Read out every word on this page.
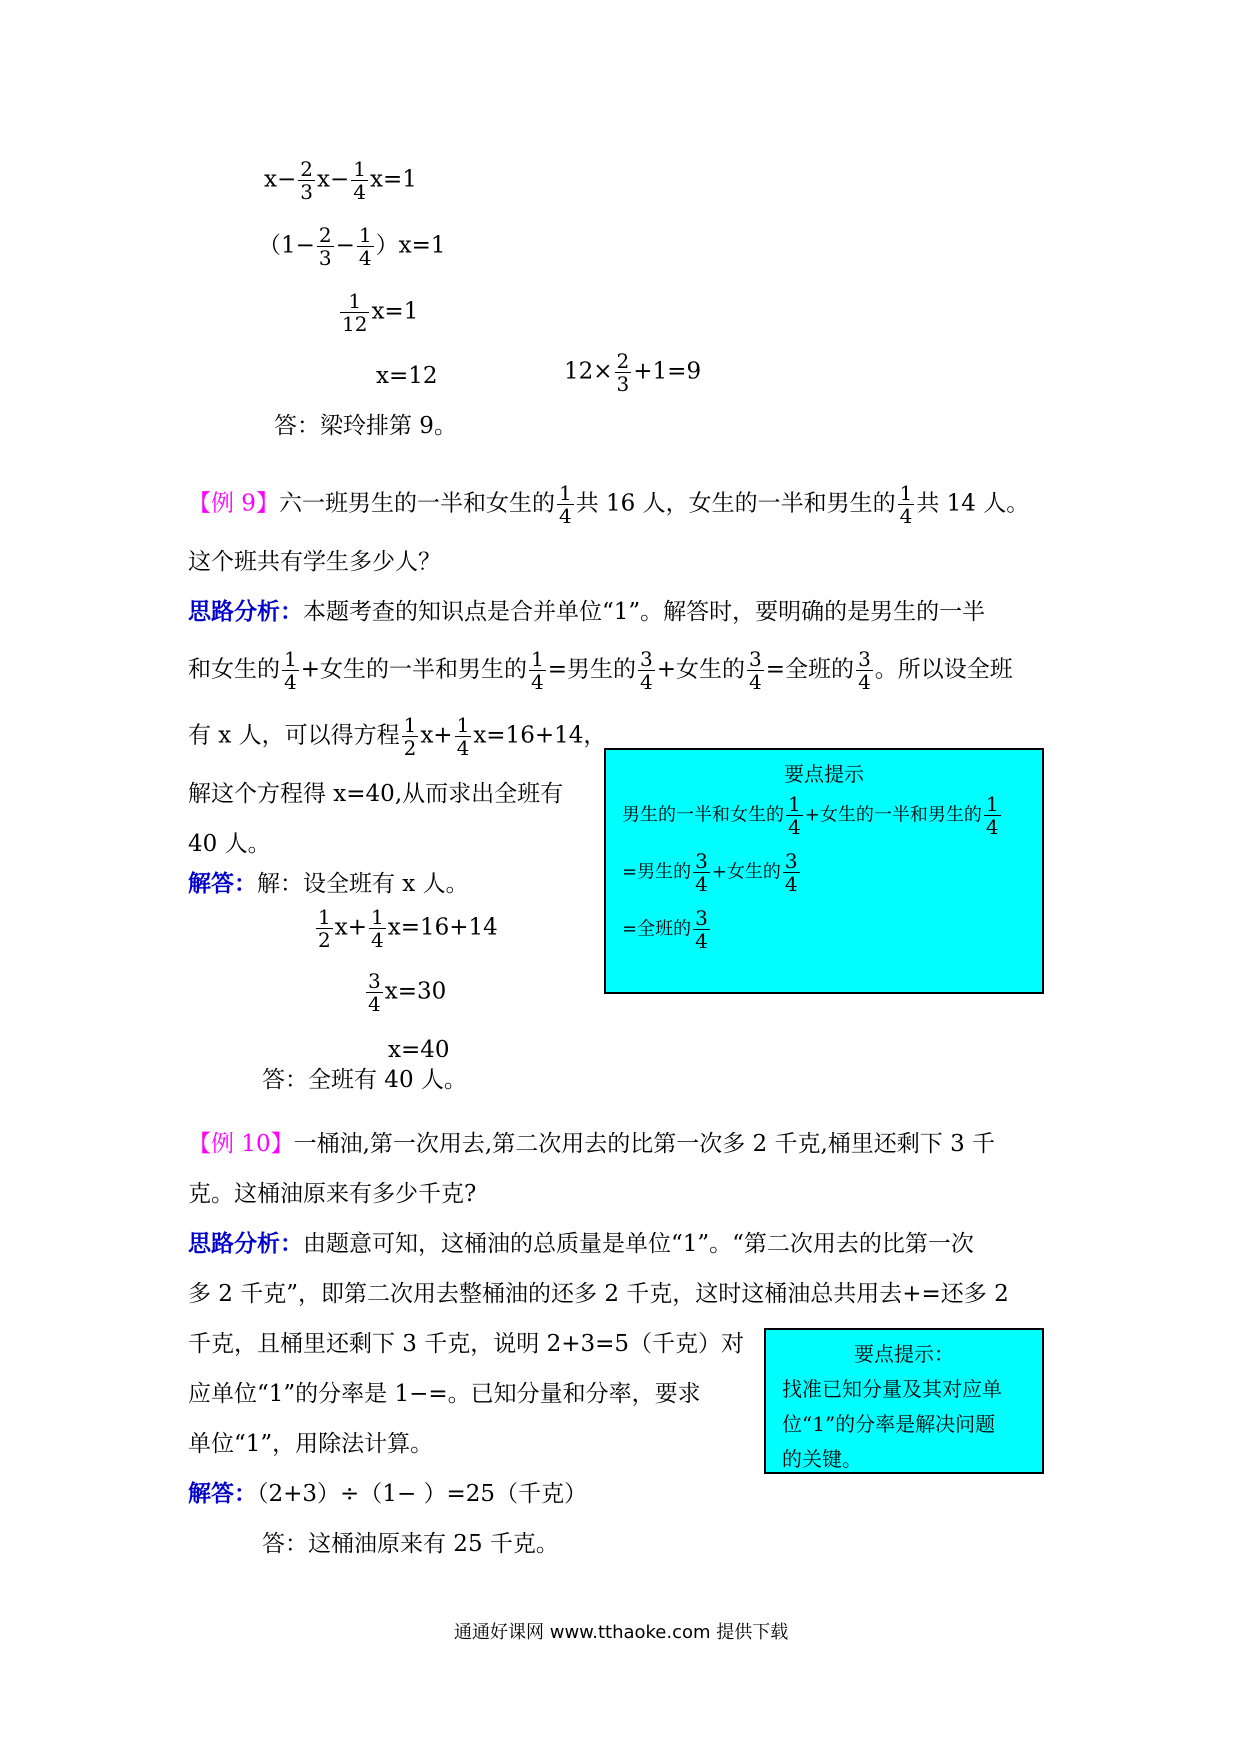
$x- \frac{2}{3} x- \frac{1}{4} x=1$
$(1- \frac{2}{3} - \frac{1}{4} )x=1$
$\frac{1}{12} x=1$
x=12	$12\times \frac{2}{3} +1=9$
答：梁玲排第 9。
【例 9】六一班男生的一半和女生的 $\frac{1}{4}$ 共 16 人，女生的一半和男生的 $\frac{1}{4}$ 共 14 人。
这个班共有学生多少人？
思路分析：本题考查的知识点是合并单位“1”。解答时，要明确的是男生的一半
和女生的 $\frac{1}{4}$ +女生的一半和男生的 $\frac{1}{4}$ =男生的 $\frac{3}{4}$ +女生的 $\frac{3}{4}$ =全班的 $\frac{3}{4}$ 。所以设全班
有 x 人，可以得方程 $\frac{1}{2} x+ \frac{1}{4} x=16+14$，
解这个方程得 x=40,从而求出全班有
40 人。
解答：解：设全班有 x 人。
$\frac{1}{2} x+ \frac{1}{4} x=16+14$
$\frac{3}{4} x=30$
x=40
答：全班有 40 人。
要点提示
男生的一半和女生的 $\frac{1}{4}$ +女生的一半和男生的 $\frac{1}{4}$
=男生的 $\frac{3}{4}$ +女生的 $\frac{3}{4}$
=全班的 $\frac{3}{4}$
【例 10】一桶油,第一次用去,第二次用去的比第一次多 2 千克,桶里还剩下 3 千
克。这桶油原来有多少千克?
思路分析：由题意可知，这桶油的总质量是单位“1”。“第二次用去的比第一次
多 2 千克”，即第二次用去整桶油的还多 2 千克，这时这桶油总共用去+=还多 2
千克，且桶里还剩下 3 千克，说明 2+3=5（千克）对
应单位“1”的分率是 1−=。已知分量和分率，要求
单位“1”，用除法计算。
解答：（2+3）÷（1− ）=25（千克）
答：这桶油原来有 25 千克。
要点提示：
找准已知分量及其对应单
位“1”的分率是解决问题
的关键。
通通好课网 www.tthaoke.com 提供下载
